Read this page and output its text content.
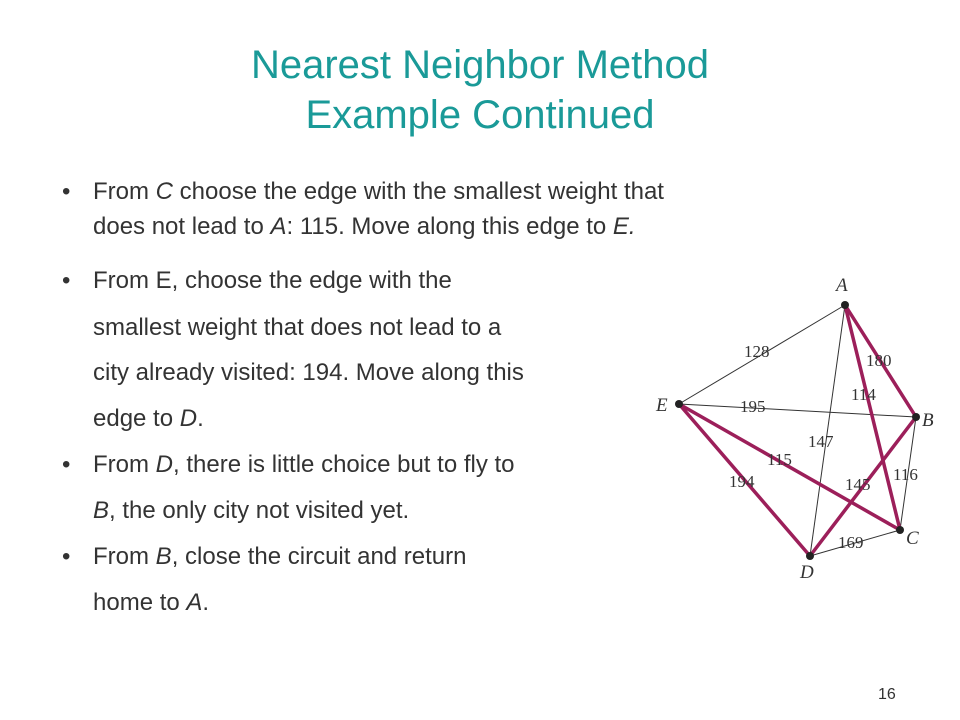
Nearest Neighbor Method
Example Continued
• From C choose the edge with the smallest weight that
does not lead to A: 115. Move along this edge to E.
• From E, choose the edge with the
smallest weight that does not lead to a
city already visited: 194. Move along this
edge to D.
• From D, there is little choice but to fly to
B, the only city not visited yet.
• From B, close the circuit and return
home to A.
128	180
114
147
195
115
194	145
116
169
A
B
C
D
E
16
